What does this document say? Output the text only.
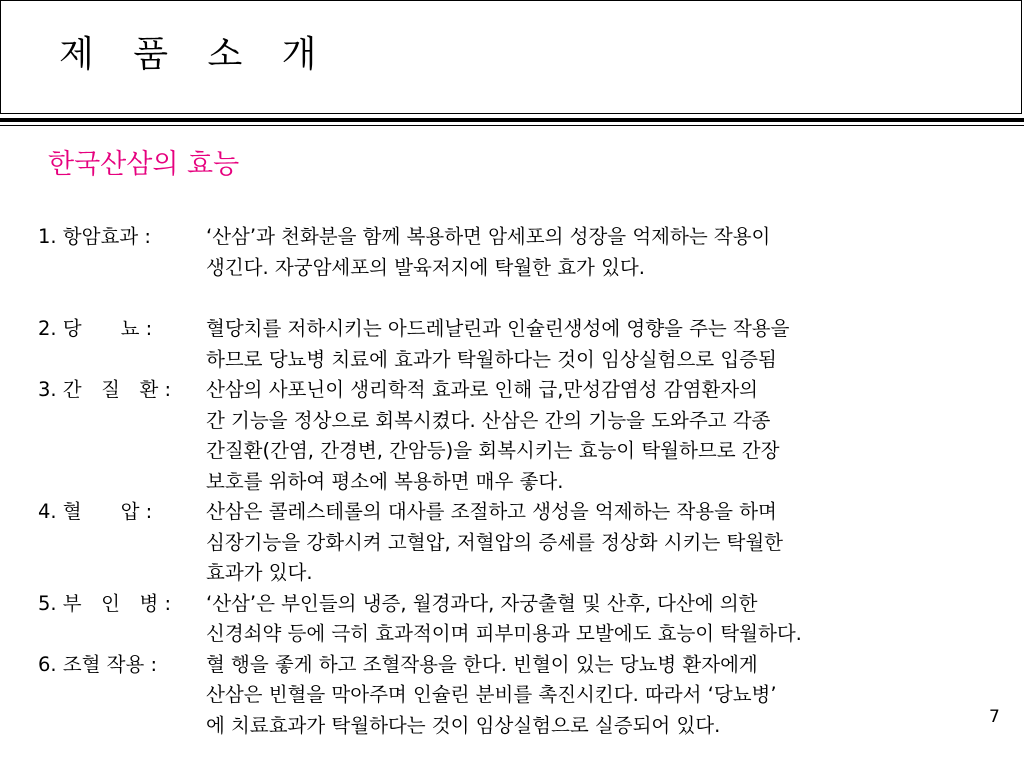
제 품 소 개
한국산삼의 효능
1. 항암효과 :	‘산삼’과 천화분을 함께 복용하면 암세포의 성장을 억제하는 작용이
생긴다. 자궁암세포의 발육저지에 탁월한 효가 있다.
2. 당　　뇨 :	혈당치를 저하시키는 아드레날린과 인슐린생성에 영향을 주는 작용을
하므로 당뇨병 치료에 효과가 탁월하다는 것이 임상실험으로 입증됨
3. 간　질　환 :	산삼의 사포닌이 생리학적 효과로 인해 급,만성감염성 감염환자의
간 기능을 정상으로 회복시켰다. 산삼은 간의 기능을 도와주고 각종
간질환(간염, 간경변, 간암등)을 회복시키는 효능이 탁월하므로 간장
보호를 위하여 평소에 복용하면 매우 좋다.
4. 혈　　압 :	산삼은 콜레스테롤의 대사를 조절하고 생성을 억제하는 작용을 하며
심장기능을 강화시켜 고혈압, 저혈압의 증세를 정상화 시키는 탁월한
효과가 있다.
5. 부　인　병 :	‘산삼’은 부인들의 냉증, 월경과다, 자궁출혈 및 산후, 다산에 의한
신경쇠약 등에 극히 효과적이며 피부미용과 모발에도 효능이 탁월하다.
6. 조혈 작용 :	혈 행을 좋게 하고 조혈작용을 한다. 빈혈이 있는 당뇨병 환자에게
산삼은 빈혈을 막아주며 인슐린 분비를 촉진시킨다. 따라서 ‘당뇨병’
에 치료효과가 탁월하다는 것이 임상실험으로 실증되어 있다.	7
